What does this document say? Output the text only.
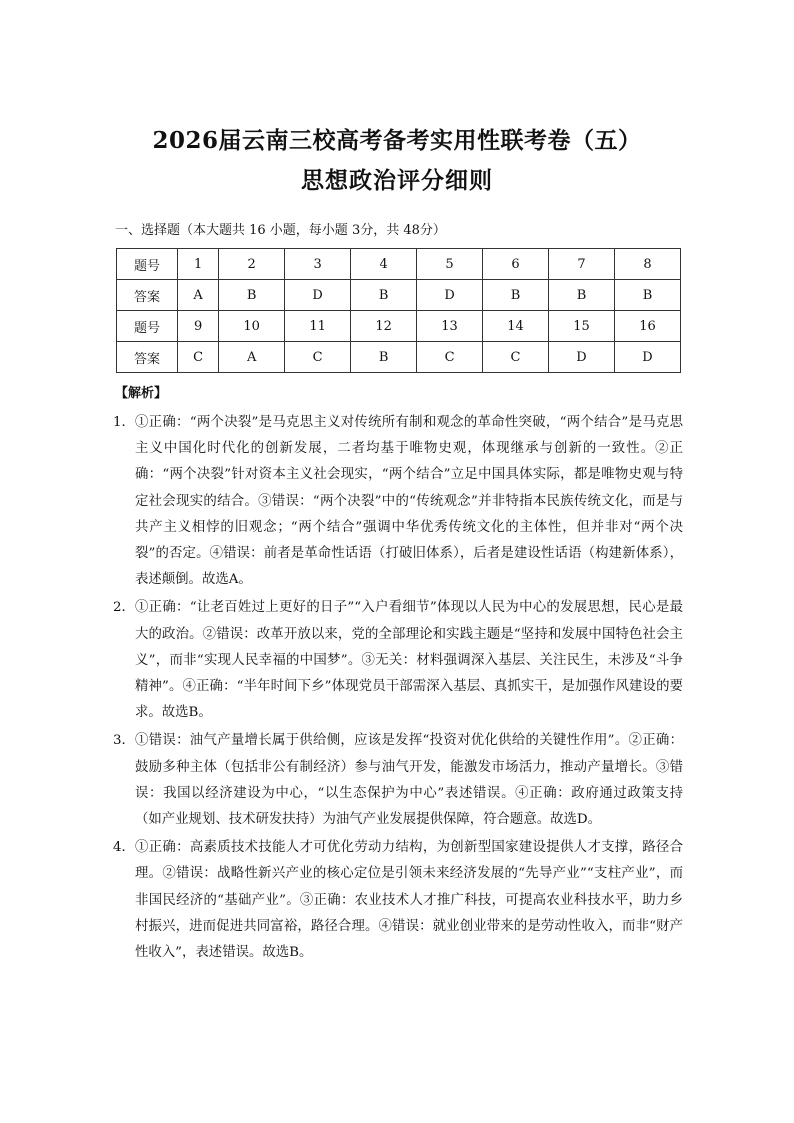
2026届云南三校高考备考实用性联考卷（五）
思想政治评分细则
一、选择题（本大题共 16 小题，每小题 3分，共 48分）
题号	1	2	3	4	5	6	7	8
答案	A	B	D	B	D	B	B	B
题号	9	10	11	12	13	14	15	16
答案	C	A	C	B	C	C	D	D
【解析】
1． ①正确：“两个决裂”是马克思主义对传统所有制和观念的革命性突破，“两个结合”是马克思主义中国化时代化的创新发展，二者均基于唯物史观，体现继承与创新的一致性。②正确：“两个决裂”针对资本主义社会现实，“两个结合”立足中国具体实际，都是唯物史观与特定社会现实的结合。③错误：“两个决裂”中的“传统观念”并非特指本民族传统文化，而是与共产主义相悖的旧观念；“两个结合”强调中华优秀传统文化的主体性，但并非对“两个决裂”的否定。④错误：前者是革命性话语（打破旧体系），后者是建设性话语（构建新体系），表述颠倒。故选A。
2． ①正确：“让老百姓过上更好的日子”“入户看细节”体现以人民为中心的发展思想，民心是最大的政治。②错误：改革开放以来，党的全部理论和实践主题是“坚持和发展中国特色社会主义”，而非“实现人民幸福的中国梦”。③无关：材料强调深入基层、关注民生，未涉及“斗争精神”。④正确：“半年时间下乡”体现党员干部需深入基层、真抓实干，是加强作风建设的要求。故选B。
3． ①错误：油气产量增长属于供给侧，应该是发挥“投资对优化供给的关键性作用”。②正确：鼓励多种主体（包括非公有制经济）参与油气开发，能激发市场活力，推动产量增长。③错误：我国以经济建设为中心，“以生态保护为中心”表述错误。④正确：政府通过政策支持（如产业规划、技术研发扶持）为油气产业发展提供保障，符合题意。故选D。
4． ①正确：高素质技术技能人才可优化劳动力结构，为创新型国家建设提供人才支撑，路径合理。②错误：战略性新兴产业的核心定位是引领未来经济发展的“先导产业”“支柱产业”，而非国民经济的“基础产业”。③正确：农业技术人才推广科技，可提高农业科技水平，助力乡村振兴，进而促进共同富裕，路径合理。④错误：就业创业带来的是劳动性收入，而非“财产性收入”，表述错误。故选B。
